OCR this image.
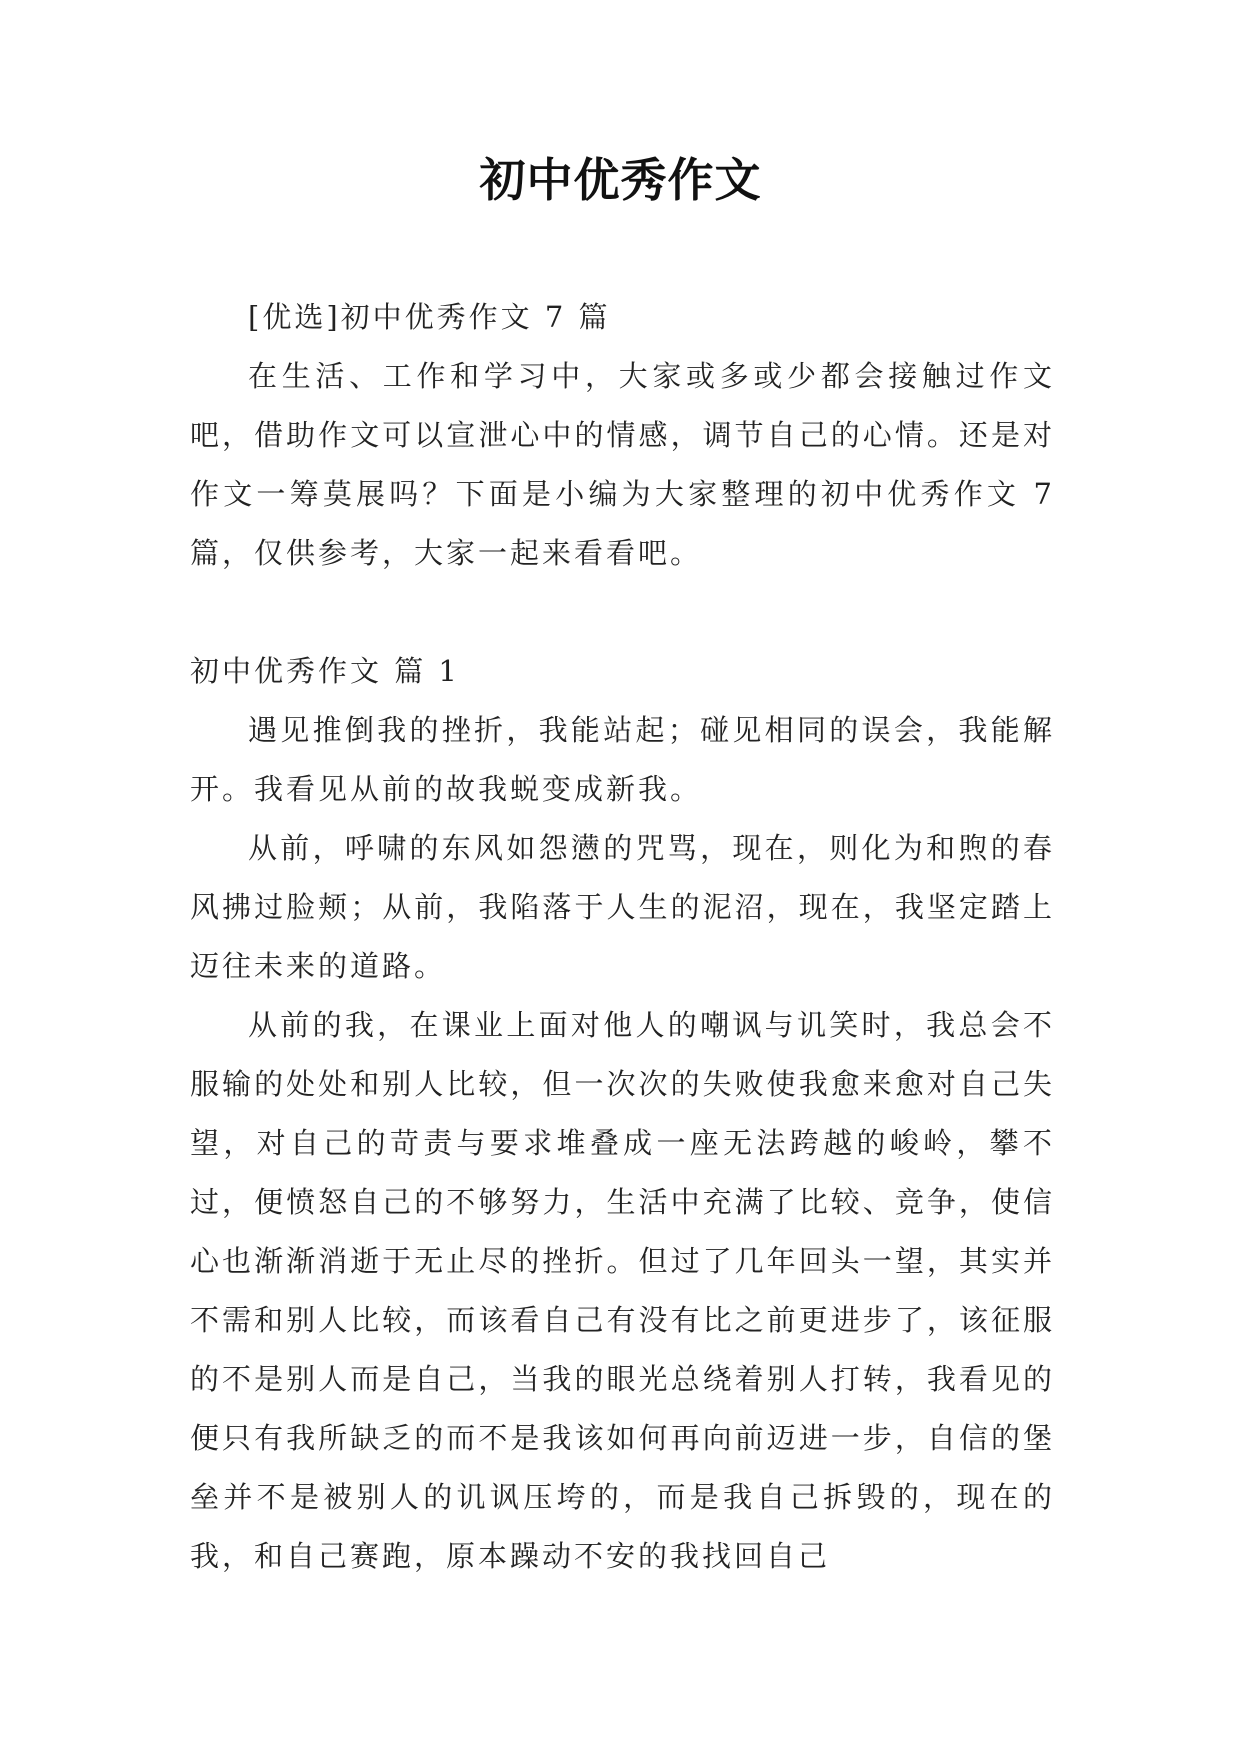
初中优秀作文

[优选]初中优秀作文 7 篇

在生活、工作和学习中，大家或多或少都会接触过作文吧，借助作文可以宣泄心中的情感，调节自己的心情。还是对作文一筹莫展吗？下面是小编为大家整理的初中优秀作文 7 篇，仅供参考，大家一起来看看吧。

初中优秀作文 篇 1

遇见推倒我的挫折，我能站起；碰见相同的误会，我能解开。我看见从前的故我蜕变成新我。

从前，呼啸的东风如怨懑的咒骂，现在，则化为和煦的春风拂过脸颊；从前，我陷落于人生的泥沼，现在，我坚定踏上迈往未来的道路。

从前的我，在课业上面对他人的嘲讽与讥笑时，我总会不服输的处处和别人比较，但一次次的失败使我愈来愈对自己失望，对自己的苛责与要求堆叠成一座无法跨越的峻岭，攀不过，便愤怒自己的不够努力，生活中充满了比较、竞争，使信心也渐渐消逝于无止尽的挫折。但过了几年回头一望，其实并不需和别人比较，而该看自己有没有比之前更进步了，该征服的不是别人而是自己，当我的眼光总绕着别人打转，我看见的便只有我所缺乏的而不是我该如何再向前迈进一步，自信的堡垒并不是被别人的讥讽压垮的，而是我自己拆毁的，现在的我，和自己赛跑，原本躁动不安的我找回自己
